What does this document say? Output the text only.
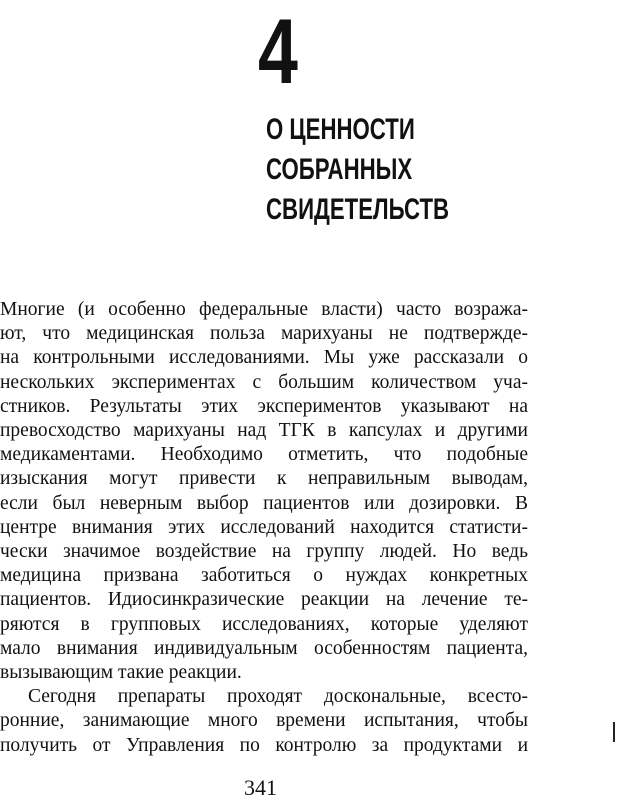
4
О ЦЕННОСТИ
СОБРАННЫХ
СВИДЕТЕЛЬСТВ
Многие (и особенно федеральные власти) часто возража-
ют, что медицинская польза марихуаны не подтвержде-
на контрольными исследованиями. Мы уже рассказали о
нескольких экспериментах с большим количеством уча-
стников. Результаты этих экспериментов указывают на
превосходство марихуаны над ТГК в капсулах и другими
медикаментами. Необходимо отметить, что подобные
изыскания могут привести к неправильным выводам,
если был неверным выбор пациентов или дозировки. В
центре внимания этих исследований находится статисти-
чески значимое воздействие на группу людей. Но ведь
медицина призвана заботиться о нуждах конкретных
пациентов. Идиосинкразические реакции на лечение те-
ряются в групповых исследованиях, которые уделяют
мало внимания индивидуальным особенностям пациента,
вызывающим такие реакции.
Сегодня препараты проходят доскональные, всесто-
ронние, занимающие много времени испытания, чтобы
получить от Управления по контролю за продуктами и
341
